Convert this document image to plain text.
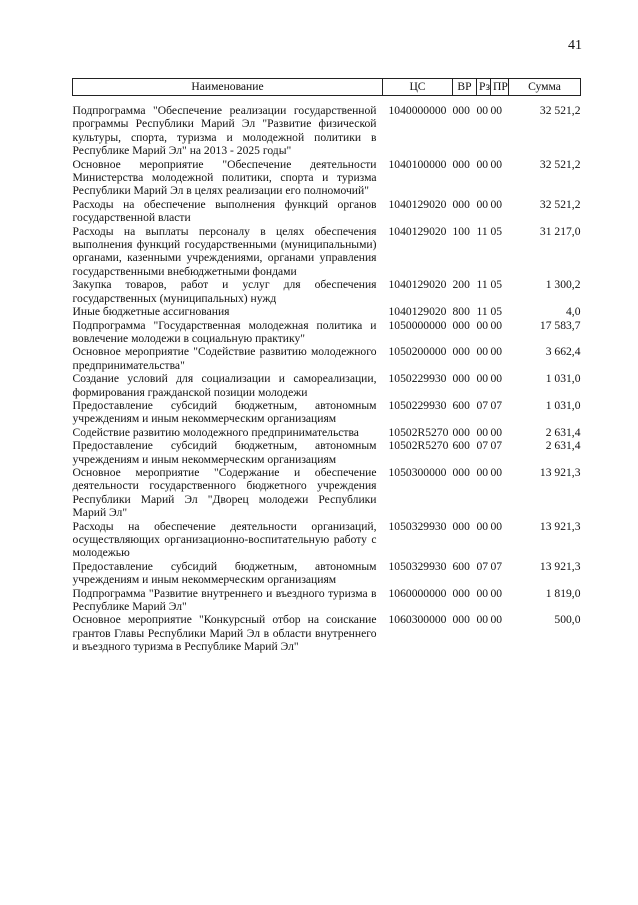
41
Наименование	ЦС	ВР	Рз	ПР	Сумма
Подпрограмма "Обеспечение реализации государственной программы Республики Марий Эл "Развитие физической культуры, спорта, туризма и молодежной политики в Республике Марий Эл" на 2013 - 2025 годы"	1040000000	000	00	00	32 521,2
Основное мероприятие "Обеспечение деятельности Министерства молодежной политики, спорта и туризма Республики Марий Эл в целях реализации его полномочий"	1040100000	000	00	00	32 521,2
Расходы на обеспечение выполнения функций органов государственной власти	1040129020	000	00	00	32 521,2
Расходы на выплаты персоналу в целях обеспечения выполнения функций государственными (муниципальными) органами, казенными учреждениями, органами управления государственными внебюджетными фондами	1040129020	100	11	05	31 217,0
Закупка товаров, работ и услуг для обеспечения государственных (муниципальных) нужд	1040129020	200	11	05	1 300,2
Иные бюджетные ассигнования	1040129020	800	11	05	4,0
Подпрограмма "Государственная молодежная политика и вовлечение молодежи в социальную практику"	1050000000	000	00	00	17 583,7
Основное мероприятие "Содействие развитию молодежного предпринимательства"	1050200000	000	00	00	3 662,4
Создание условий для социализации и самореализации, формирования гражданской позиции молодежи	1050229930	000	00	00	1 031,0
Предоставление субсидий бюджетным, автономным учреждениям и иным некоммерческим организациям	1050229930	600	07	07	1 031,0
Содействие развитию молодежного предпринимательства	10502R5270	000	00	00	2 631,4
Предоставление субсидий бюджетным, автономным учреждениям и иным некоммерческим организациям	10502R5270	600	07	07	2 631,4
Основное мероприятие "Содержание и обеспечение деятельности государственного бюджетного учреждения Республики Марий Эл "Дворец молодежи Республики Марий Эл"	1050300000	000	00	00	13 921,3
Расходы на обеспечение деятельности организаций, осуществляющих организационно-воспитательную работу с молодежью	1050329930	000	00	00	13 921,3
Предоставление субсидий бюджетным, автономным учреждениям и иным некоммерческим организациям	1050329930	600	07	07	13 921,3
Подпрограмма "Развитие внутреннего и въездного туризма в Республике Марий Эл"	1060000000	000	00	00	1 819,0
Основное мероприятие "Конкурсный отбор на соискание грантов Главы Республики Марий Эл в области внутреннего и въездного туризма в Республике Марий Эл"	1060300000	000	00	00	500,0
